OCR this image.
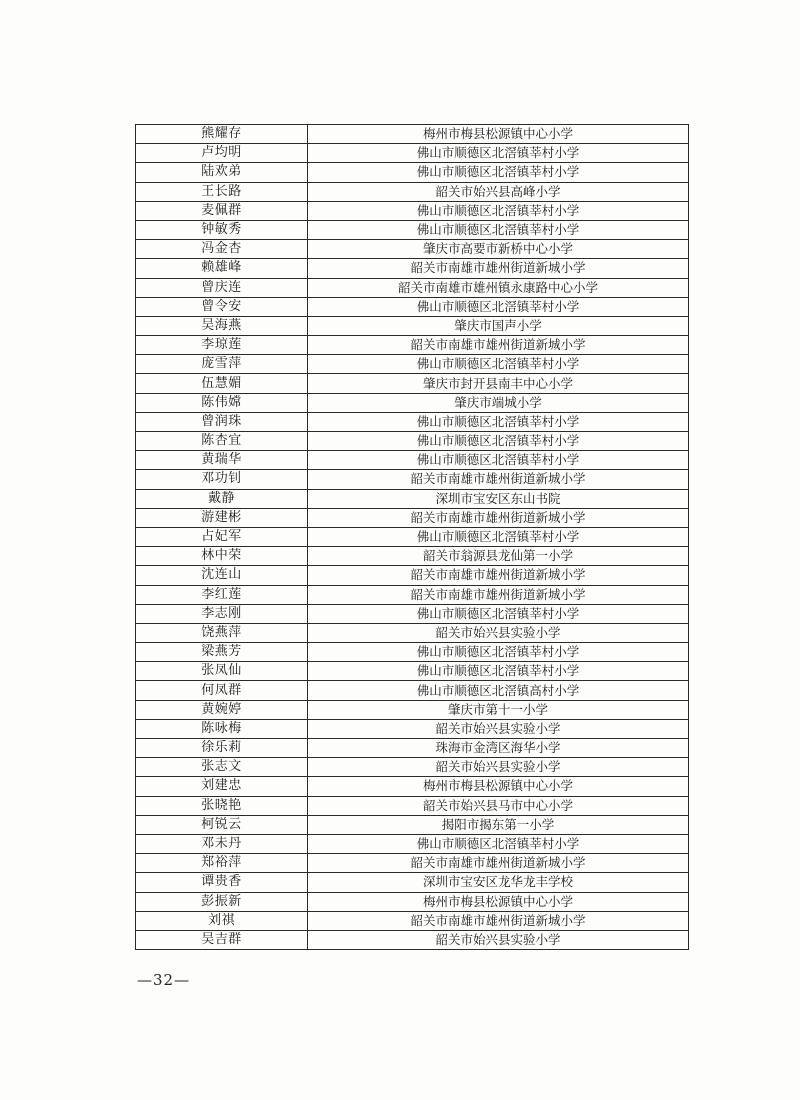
熊耀存	梅州市梅县松源镇中心小学
卢均明	佛山市顺德区北滘镇莘村小学
陆欢弟	佛山市顺德区北滘镇莘村小学
王长路	韶关市始兴县高峰小学
麦佩群	佛山市顺德区北滘镇莘村小学
钟敏秀	佛山市顺德区北滘镇莘村小学
冯金杏	肇庆市高要市新桥中心小学
赖雄峰	韶关市南雄市雄州街道新城小学
曾庆连	韶关市南雄市雄州镇永康路中心小学
曾令安	佛山市顺德区北滘镇莘村小学
吴海燕	肇庆市国声小学
李琼莲	韶关市南雄市雄州街道新城小学
庞雪萍	佛山市顺德区北滘镇莘村小学
伍慧媚	肇庆市封开县南丰中心小学
陈伟嫦	肇庆市端城小学
曾润珠	佛山市顺德区北滘镇莘村小学
陈杏宜	佛山市顺德区北滘镇莘村小学
黄瑞华	佛山市顺德区北滘镇莘村小学
邓功钊	韶关市南雄市雄州街道新城小学
戴静	深圳市宝安区东山书院
游建彬	韶关市南雄市雄州街道新城小学
占妃军	佛山市顺德区北滘镇莘村小学
林中荣	韶关市翁源县龙仙第一小学
沈连山	韶关市南雄市雄州街道新城小学
李红莲	韶关市南雄市雄州街道新城小学
李志刚	佛山市顺德区北滘镇莘村小学
饶燕萍	韶关市始兴县实验小学
梁燕芳	佛山市顺德区北滘镇莘村小学
张凤仙	佛山市顺德区北滘镇莘村小学
何凤群	佛山市顺德区北滘镇高村小学
黄婉婷	肇庆市第十一小学
陈咏梅	韶关市始兴县实验小学
徐乐莉	珠海市金湾区海华小学
张志文	韶关市始兴县实验小学
刘建忠	梅州市梅县松源镇中心小学
张晓艳	韶关市始兴县马市中心小学
柯锐云	揭阳市揭东第一小学
邓未丹	佛山市顺德区北滘镇莘村小学
郑裕萍	韶关市南雄市雄州街道新城小学
谭贵香	深圳市宝安区龙华龙丰学校
彭振新	梅州市梅县松源镇中心小学
刘祺	韶关市南雄市雄州街道新城小学
吴吉群	韶关市始兴县实验小学
—32—
